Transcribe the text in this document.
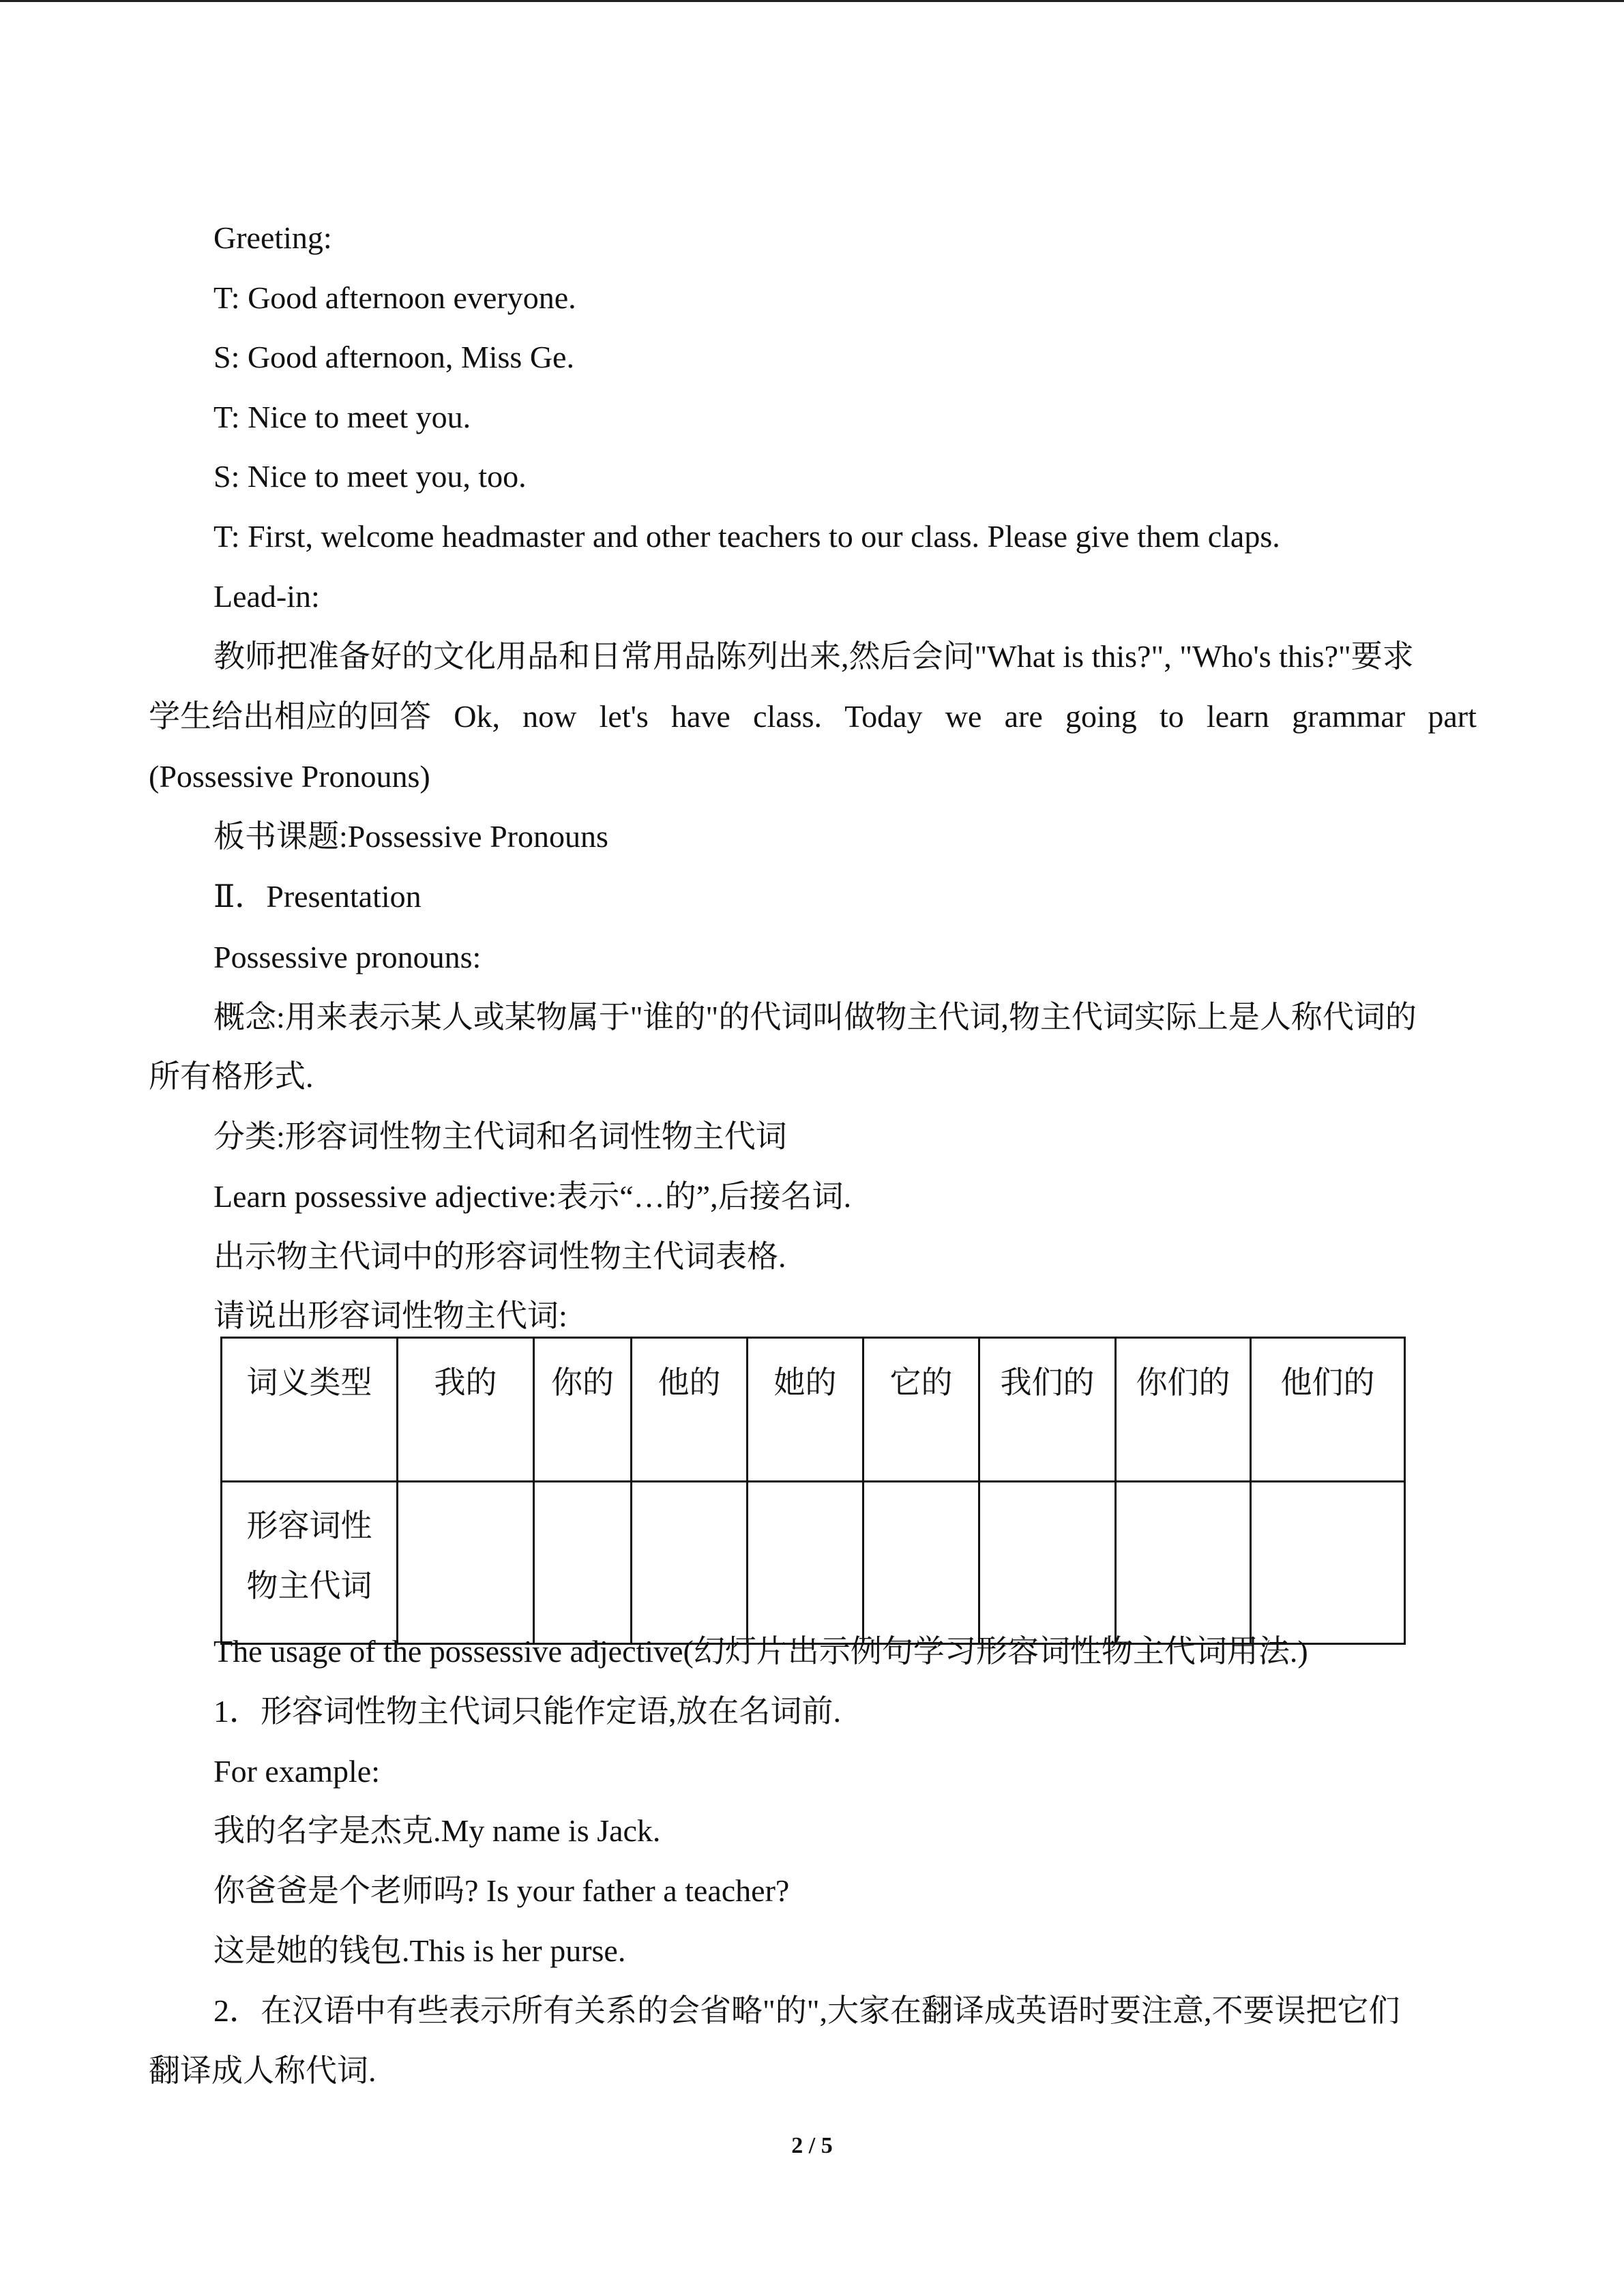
Greeting:
T: Good afternoon everyone.
S: Good afternoon, Miss Ge.
T: Nice to meet you.
S: Nice to meet you, too.
T: First, welcome headmaster and other teachers to our class. Please give them claps.
Lead-in:
教师把准备好的文化用品和日常用品陈列出来,然后会问"What is this?", "Who's this?"要求
学生给出相应的回答 Ok, now let's have class. Today we are going to learn grammar part
(Possessive Pronouns)
板书课题:Possessive Pronouns
Ⅱ．Presentation
Possessive pronouns:
概念:用来表示某人或某物属于"谁的"的代词叫做物主代词,物主代词实际上是人称代词的
所有格形式.
分类:形容词性物主代词和名词性物主代词
Learn possessive adjective:表示“…的”,后接名词.
出示物主代词中的形容词性物主代词表格.
请说出形容词性物主代词:
词义类型	我的	你的	他的	她的	它的	我们的	你们的	他们的

形容词性
物主代词								

The usage of the possessive adjective(幻灯片出示例句学习形容词性物主代词用法.)
1．形容词性物主代词只能作定语,放在名词前.
For example:
我的名字是杰克.My name is Jack.
你爸爸是个老师吗? Is your father a teacher?
这是她的钱包.This is her purse.
2．在汉语中有些表示所有关系的会省略"的",大家在翻译成英语时要注意,不要误把它们
翻译成人称代词.
2 / 5
